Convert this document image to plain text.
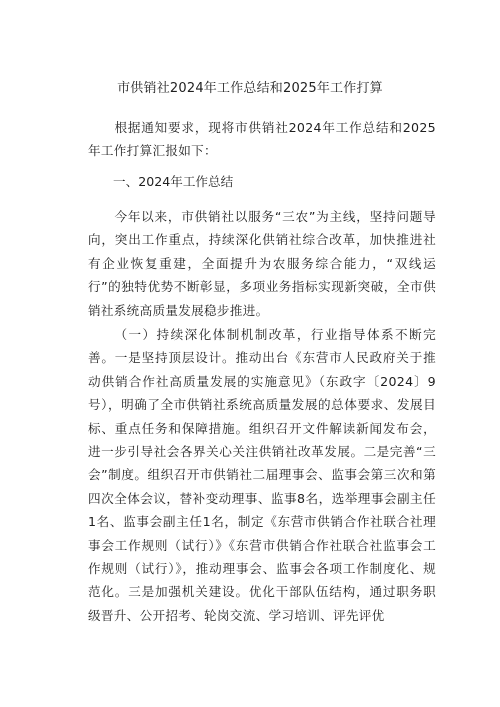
市供销社2024年工作总结和2025年工作打算

根据通知要求，现将市供销社2024年工作总结和2025年工作打算汇报如下：

一、2024年工作总结

今年以来，市供销社以服务“三农”为主线，坚持问题导向，突出工作重点，持续深化供销社综合改革，加快推进社有企业恢复重建，全面提升为农服务综合能力，“双线运行”的独特优势不断彰显，多项业务指标实现新突破，全市供销社系统高质量发展稳步推进。

（一）持续深化体制机制改革，行业指导体系不断完善。一是坚持顶层设计。推动出台《东营市人民政府关于推动供销合作社高质量发展的实施意见》（东政字〔2024〕9号），明确了全市供销社系统高质量发展的总体要求、发展目标、重点任务和保障措施。组织召开文件解读新闻发布会，进一步引导社会各界关心关注供销社改革发展。二是完善“三会”制度。组织召开市供销社二届理事会、监事会第三次和第四次全体会议，替补变动理事、监事8名，选举理事会副主任1名、监事会副主任1名，制定《东营市供销合作社联合社理事会工作规则（试行）》《东营市供销合作社联合社监事会工作规则（试行）》，推动理事会、监事会各项工作制度化、规范化。三是加强机关建设。优化干部队伍结构，通过职务职级晋升、公开招考、轮岗交流、学习培训、评先评优
